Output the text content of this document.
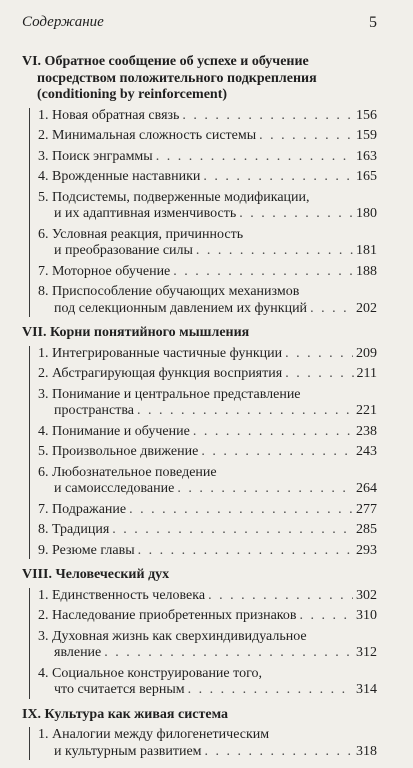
Содержание	5
VI. Обратное сообщение об успехе и обучение
посредством положительного подкрепления
(conditioning by reinforcement)
1. Новая обратная связь . . .	156
2. Минимальная сложность системы . . .	159
3. Поиск энграммы . . .	163
4. Врожденные наставники . . .	165
5. Подсистемы, подверженные модификации,
и их адаптивная изменчивость . . .	180
6. Условная реакция, причинность
и преобразование силы . . .	181
7. Моторное обучение . . .	188
8. Приспособление обучающих механизмов
под селекционным давлением их функций . . .	202
VII. Корни понятийного мышления
1. Интегрированные частичные функции . . .	209
2. Абстрагирующая функция восприятия . . .	211
3. Понимание и центральное представление
пространства . . .	221
4. Понимание и обучение . . .	238
5. Произвольное движение . . .	243
6. Любознательное поведение
и самоисследование . . .	264
7. Подражание . . .	277
8. Традиция . . .	285
9. Резюме главы . . .	293
VIII. Человеческий дух
1. Единственность человека . . .	302
2. Наследование приобретенных признаков . . .	310
3. Духовная жизнь как сверхиндивидуальное
явление . . .	312
4. Социальное конструирование того,
что считается верным . . .	314
IX. Культура как живая система
1. Аналогии между филогенетическим
и культурным развитием . . .	318
